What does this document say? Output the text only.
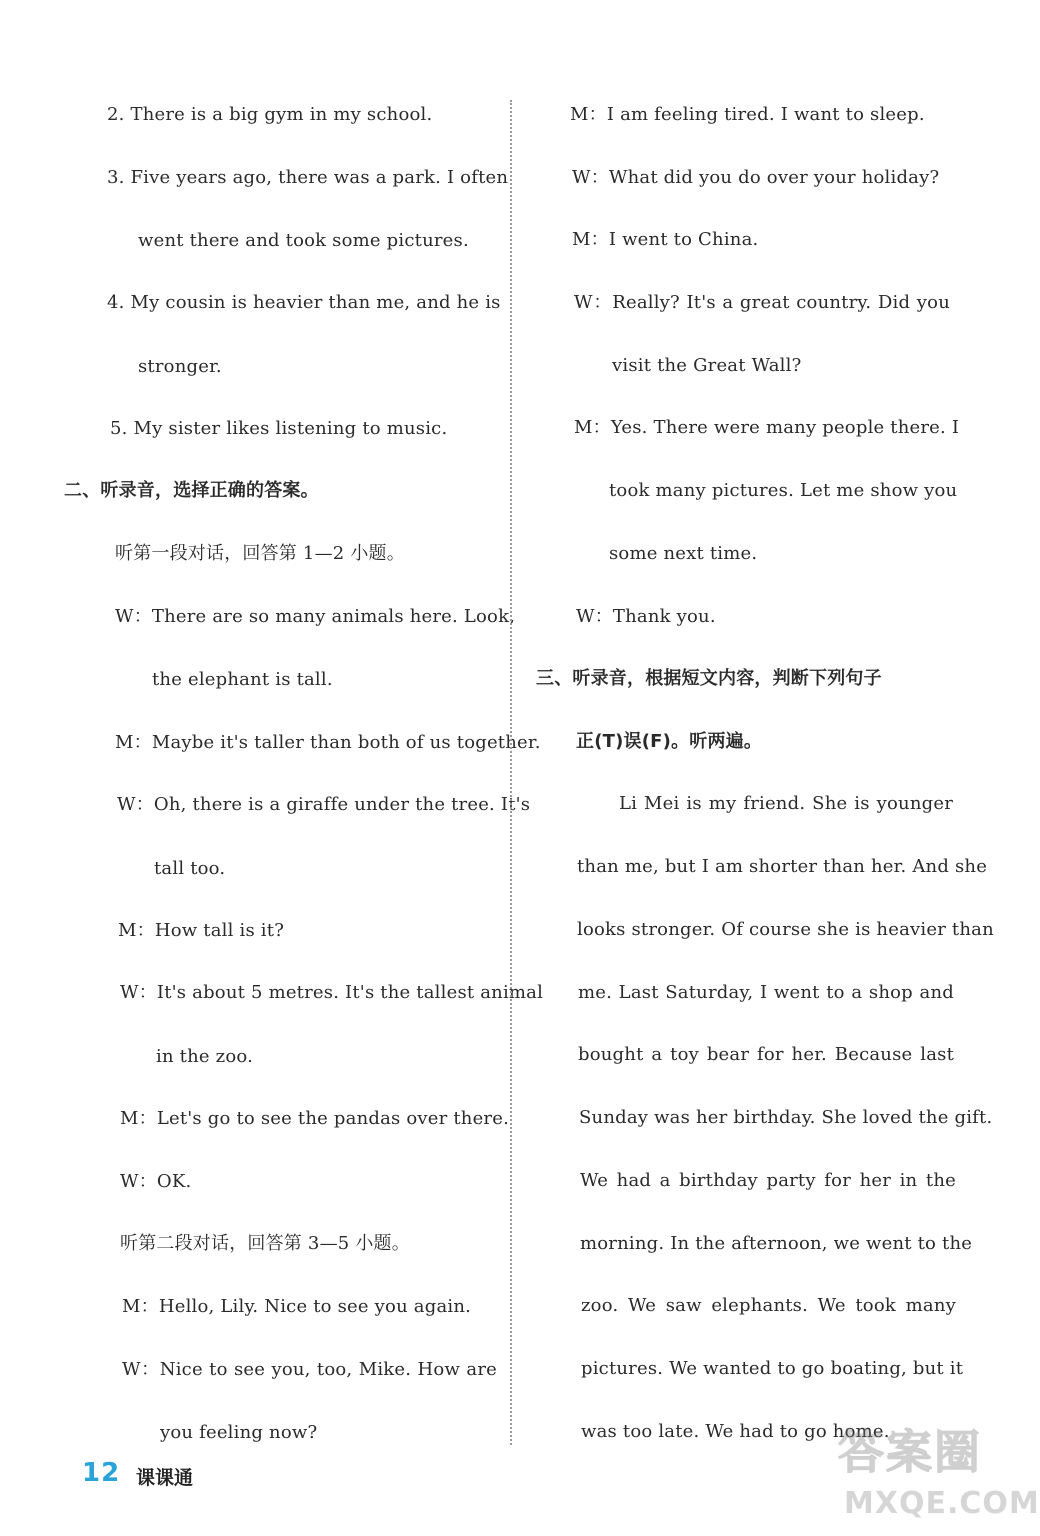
2. There is a big gym in my school.
3. Five years ago, there was a park. I often
went there and took some pictures.
4. My cousin is heavier than me, and he is
stronger.
5. My sister likes listening to music.
二、听录音，选择正确的答案。
听第一段对话，回答第 1—2 小题。
W：There are so many animals here. Look,
the elephant is tall.
M：Maybe it's taller than both of us together.
W：Oh, there is a giraffe under the tree. It's
tall too.
M：How tall is it?
W：It's about 5 metres. It's the tallest animal
in the zoo.
M：Let's go to see the pandas over there.
W：OK.
听第二段对话，回答第 3—5 小题。
M：Hello, Lily. Nice to see you again.
W：Nice to see you, too, Mike. How are
you feeling now?
M：I am feeling tired. I want to sleep.
W：What did you do over your holiday?
M：I went to China.
W：Really? It's a great country. Did you
visit the Great Wall?
M：Yes. There were many people there. I
took many pictures. Let me show you
some next time.
W：Thank you.
三、听录音，根据短文内容，判断下列句子
正(T)误(F)。听两遍。
Li Mei is my friend. She is younger
than me, but I am shorter than her. And she
looks stronger. Of course she is heavier than
me. Last Saturday, I went to a shop and
bought a toy bear for her. Because last
Sunday was her birthday. She loved the gift.
We had a birthday party for her in the
morning. In the afternoon, we went to the
zoo. We saw elephants. We took many
pictures. We wanted to go boating, but it
was too late. We had to go home.
12 课课通	答案圈
MXQE.COM
